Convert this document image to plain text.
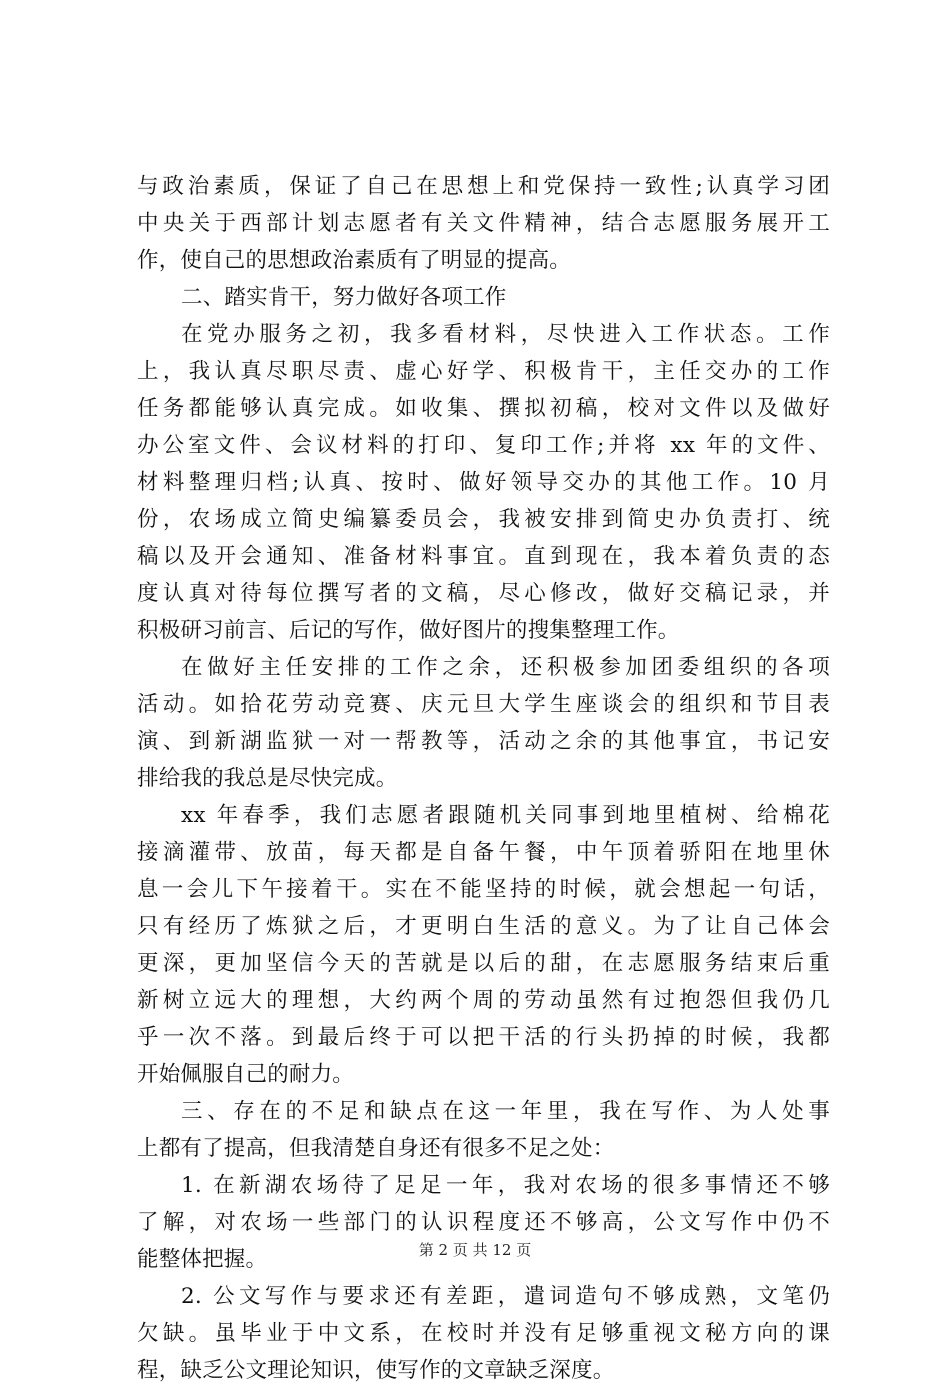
与政治素质，保证了自己在思想上和党保持一致性;认真学习团
中央关于西部计划志愿者有关文件精神，结合志愿服务展开工
作，使自己的思想政治素质有了明显的提高。
二、踏实肯干，努力做好各项工作
在党办服务之初，我多看材料，尽快进入工作状态。工作
上，我认真尽职尽责、虚心好学、积极肯干，主任交办的工作
任务都能够认真完成。如收集、撰拟初稿，校对文件以及做好
办公室文件、会议材料的打印、复印工作;并将 xx 年的文件、
材料整理归档;认真、按时、做好领导交办的其他工作。10 月
份，农场成立简史编纂委员会，我被安排到简史办负责打、统
稿以及开会通知、准备材料事宜。直到现在，我本着负责的态
度认真对待每位撰写者的文稿，尽心修改，做好交稿记录，并
积极研习前言、后记的写作，做好图片的搜集整理工作。
在做好主任安排的工作之余，还积极参加团委组织的各项
活动。如拾花劳动竞赛、庆元旦大学生座谈会的组织和节目表
演、到新湖监狱一对一帮教等，活动之余的其他事宜，书记安
排给我的我总是尽快完成。
xx 年春季，我们志愿者跟随机关同事到地里植树、给棉花
接滴灌带、放苗，每天都是自备午餐，中午顶着骄阳在地里休
息一会儿下午接着干。实在不能坚持的时候，就会想起一句话，
只有经历了炼狱之后，才更明白生活的意义。为了让自己体会
更深，更加坚信今天的苦就是以后的甜，在志愿服务结束后重
新树立远大的理想，大约两个周的劳动虽然有过抱怨但我仍几
乎一次不落。到最后终于可以把干活的行头扔掉的时候，我都
开始佩服自己的耐力。
三、存在的不足和缺点在这一年里，我在写作、为人处事
上都有了提高，但我清楚自身还有很多不足之处：
1. 在新湖农场待了足足一年，我对农场的很多事情还不够
了解，对农场一些部门的认识程度还不够高，公文写作中仍不
能整体把握。
2. 公文写作与要求还有差距，遣词造句不够成熟，文笔仍
欠缺。虽毕业于中文系，在校时并没有足够重视文秘方向的课
程，缺乏公文理论知识，使写作的文章缺乏深度。
第 2 页 共 12 页
